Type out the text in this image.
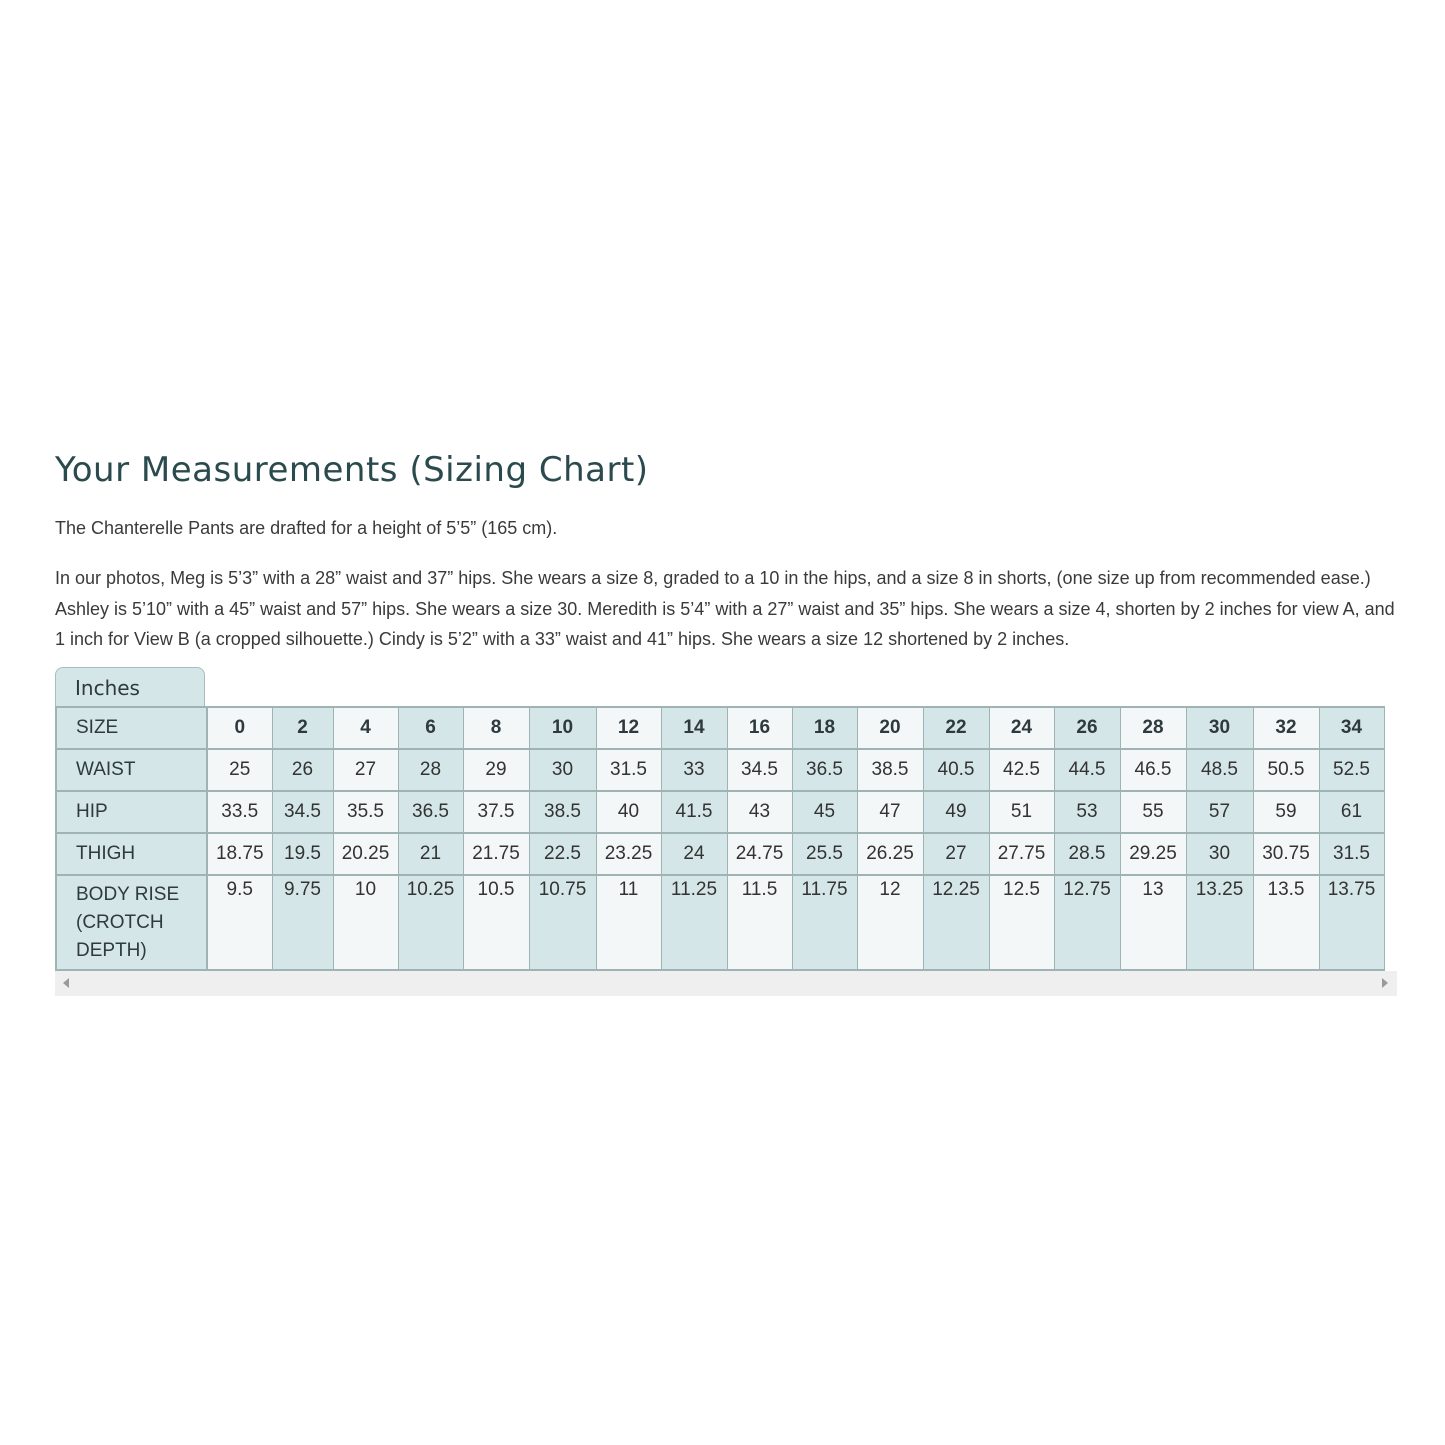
Your Measurements (Sizing Chart)

The Chanterelle Pants are drafted for a height of 5’5” (165 cm).

In our photos, Meg is 5’3” with a 28” waist and 37” hips. She wears a size 8, graded to a 10 in the hips, and a size 8 in shorts, (one size up from recommended ease.) Ashley is 5’10” with a 45” waist and 57” hips. She wears a size 30. Meredith is 5’4” with a 27” waist and 35” hips. She wears a size 4, shorten by 2 inches for view A, and 1 inch for View B (a cropped silhouette.) Cindy is 5’2” with a 33” waist and 41” hips. She wears a size 12 shortened by 2 inches.

Inches
SIZE	0	2	4	6	8	10	12	14	16	18	20	22	24	26	28	30	32	34
WAIST	25	26	27	28	29	30	31.5	33	34.5	36.5	38.5	40.5	42.5	44.5	46.5	48.5	50.5	52.5
HIP	33.5	34.5	35.5	36.5	37.5	38.5	40	41.5	43	45	47	49	51	53	55	57	59	61
THIGH	18.75	19.5	20.25	21	21.75	22.5	23.25	24	24.75	25.5	26.25	27	27.75	28.5	29.25	30	30.75	31.5
BODY RISE
(CROTCH
DEPTH)	9.5	9.75	10	10.25	10.5	10.75	11	11.25	11.5	11.75	12	12.25	12.5	12.75	13	13.25	13.5	13.75
